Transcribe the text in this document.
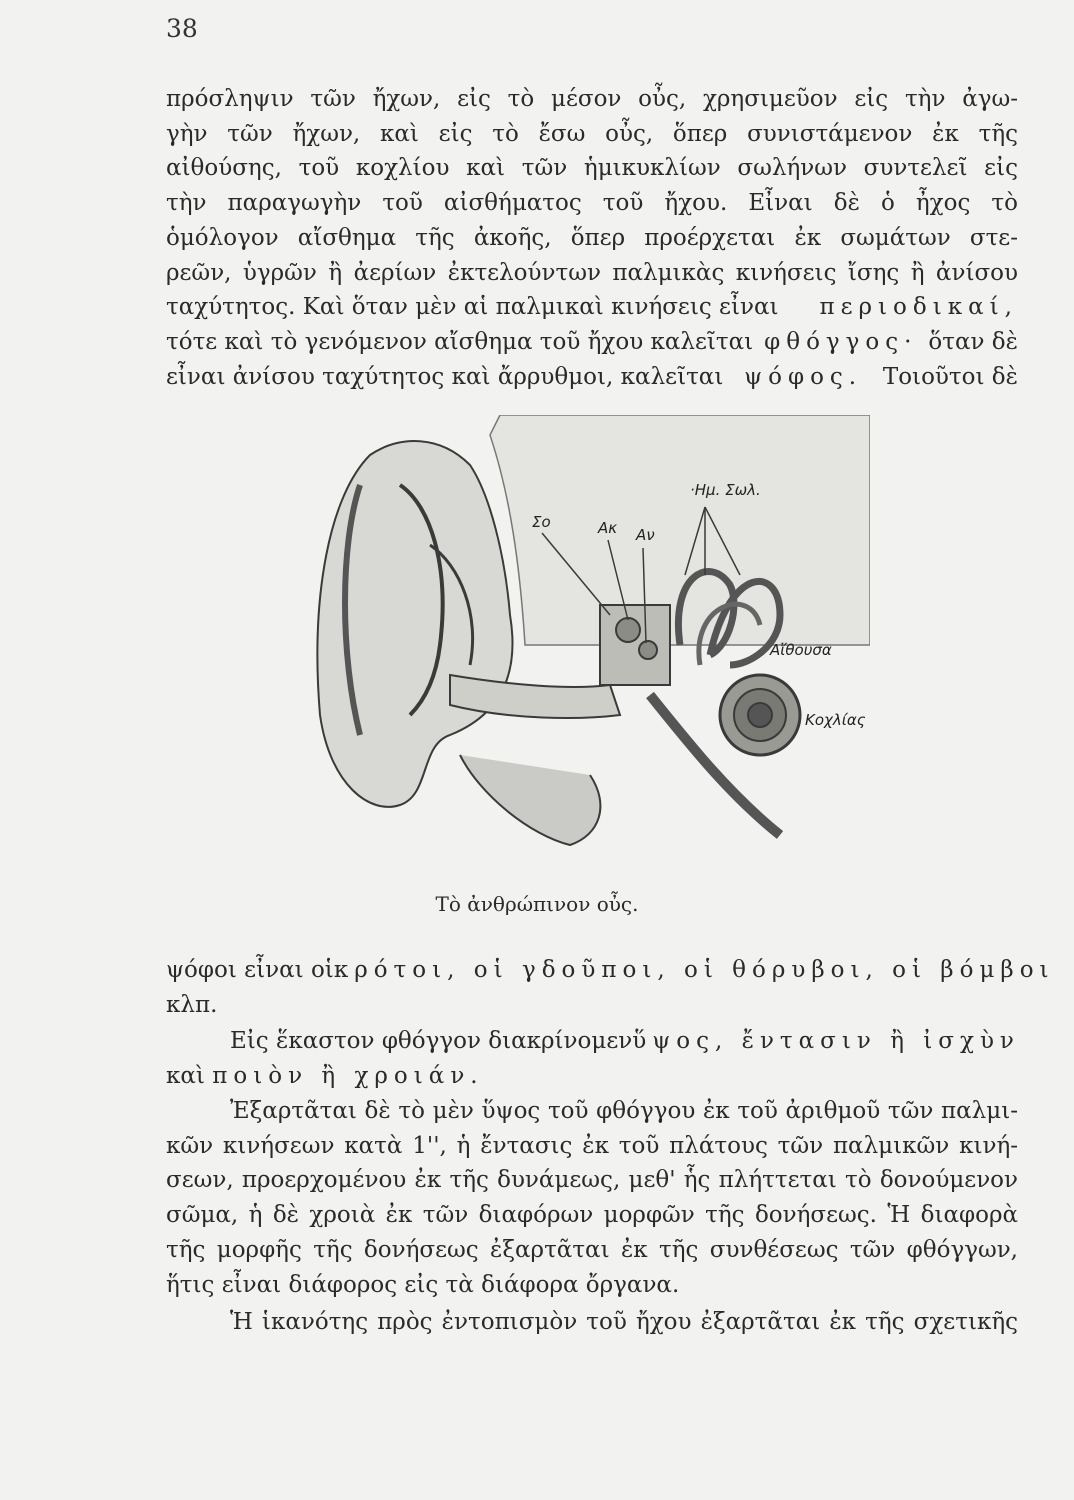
38
πρόσληψιν τῶν ἤχων, εἰς τὸ μέσον οὖς, χρησιμεῦον εἰς τὴν ἀγω-
γὴν τῶν ἤχων, καὶ εἰς τὸ ἔσω οὖς, ὅπερ συνιστάμενον ἐκ τῆς
αἰθούσης, τοῦ κοχλίου καὶ τῶν ἡμικυκλίων σωλήνων συντελεῖ εἰς
τὴν παραγωγὴν τοῦ αἰσθήματος τοῦ ἤχου. Εἶναι δὲ ὁ ἦχος τὸ
ὁμόλογον αἴσθημα τῆς ἀκοῆς, ὅπερ προέρχεται ἐκ σωμάτων στε-
ρεῶν, ὑγρῶν ἢ ἀερίων ἐκτελούντων παλμικὰς κινήσεις ἴσης ἢ ἀνίσου
ταχύτητος. Καὶ ὅταν μὲν αἱ παλμικαὶ κινήσεις εἶναι περιοδικαί,
τότε καὶ τὸ γενόμενον αἴσθημα τοῦ ἤχου καλεῖται φθόγγος· ὅταν δὲ
εἶναι ἀνίσου ταχύτητος καὶ ἄρρυθμοι, καλεῖται ψόφος. Τοιοῦτοι δὲ
·Ημ. Σωλ.
Σο	Ακ Αν
Αἴθουσα
Κοχλίας
Τὸ ἀνθρώπινον οὖς.
ψόφοι εἶναι οἱ κρότοι, οἱ γδοῦποι, οἱ θόρυβοι, οἱ βόμβοι
κλπ.
Εἰς ἕκαστον φθόγγον διακρίνομεν ὕψος, ἔντασιν ἢ ἰσχὺν
καὶ ποιὸν ἢ χροιάν.
Ἐξαρτᾶται δὲ τὸ μὲν ὕψος τοῦ φθόγγου ἐκ τοῦ ἀριθμοῦ τῶν παλμι-
κῶν κινήσεων κατὰ 1'', ἡ ἔντασις ἐκ τοῦ πλάτους τῶν παλμικῶν κινή-
σεων, προερχομένου ἐκ τῆς δυνάμεως, μεθ' ἧς πλήττεται τὸ δονούμενον
σῶμα, ἡ δὲ χροιὰ ἐκ τῶν διαφόρων μορφῶν τῆς δονήσεως. Ἡ διαφορὰ
τῆς μορφῆς τῆς δονήσεως ἐξαρτᾶται ἐκ τῆς συνθέσεως τῶν φθόγγων,
ἥτις εἶναι διάφορος εἰς τὰ διάφορα ὄργανα.
Ἡ ἱκανότης πρὸς ἐντοπισμὸν τοῦ ἤχου ἐξαρτᾶται ἐκ τῆς σχετικῆς
